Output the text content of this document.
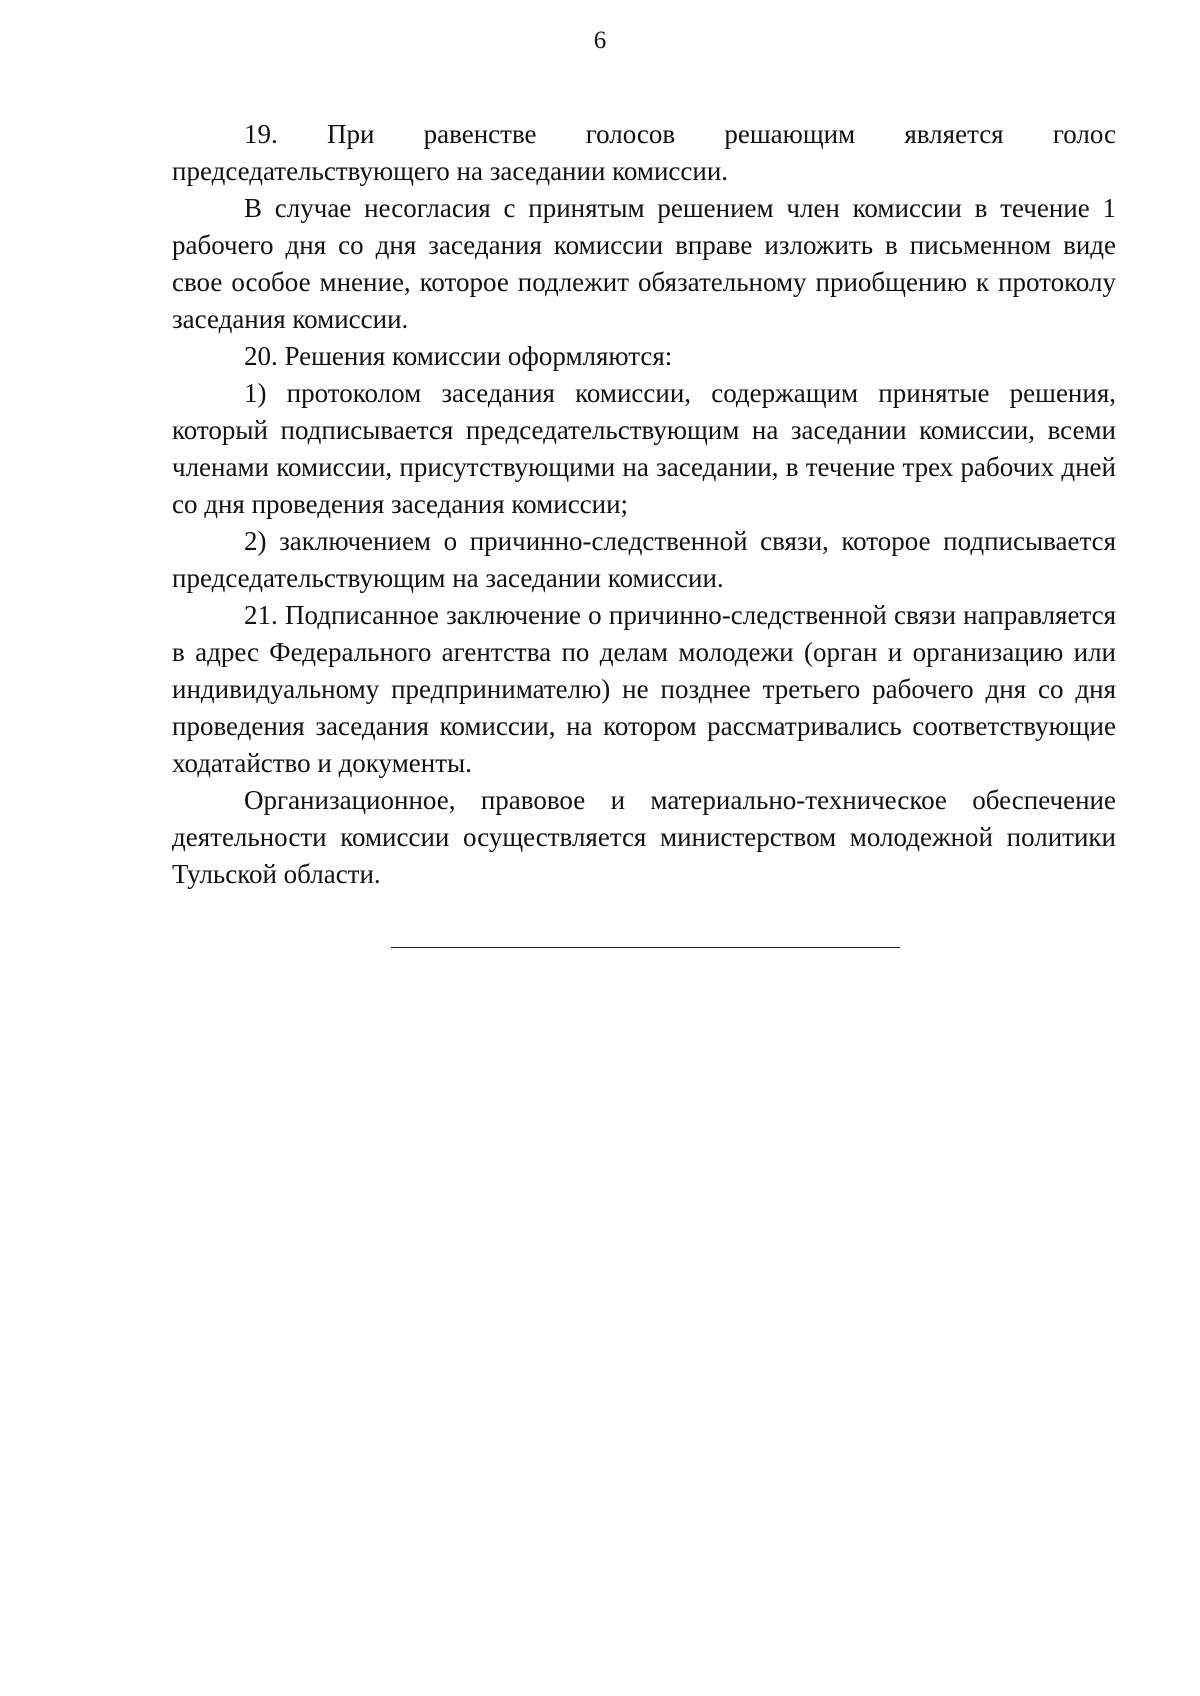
6

19. При равенстве голосов решающим является голос председательствующего на заседании комиссии.

В случае несогласия с принятым решением член комиссии в течение 1 рабочего дня со дня заседания комиссии вправе изложить в письменном виде свое особое мнение, которое подлежит обязательному приобщению к протоколу заседания комиссии.

20. Решения комиссии оформляются:

1) протоколом заседания комиссии, содержащим принятые решения, который подписывается председательствующим на заседании комиссии, всеми членами комиссии, присутствующими на заседании, в течение трех рабочих дней со дня проведения заседания комиссии;

2) заключением о причинно-следственной связи, которое подписывается председательствующим на заседании комиссии.

21. Подписанное заключение о причинно-следственной связи направляется в адрес Федерального агентства по делам молодежи (орган и организацию или индивидуальному предпринимателю) не позднее третьего рабочего дня со дня проведения заседания комиссии, на котором рассматривались соответствующие ходатайство и документы.

Организационное, правовое и материально-техническое обеспечение деятельности комиссии осуществляется министерством молодежной политики Тульской области.
